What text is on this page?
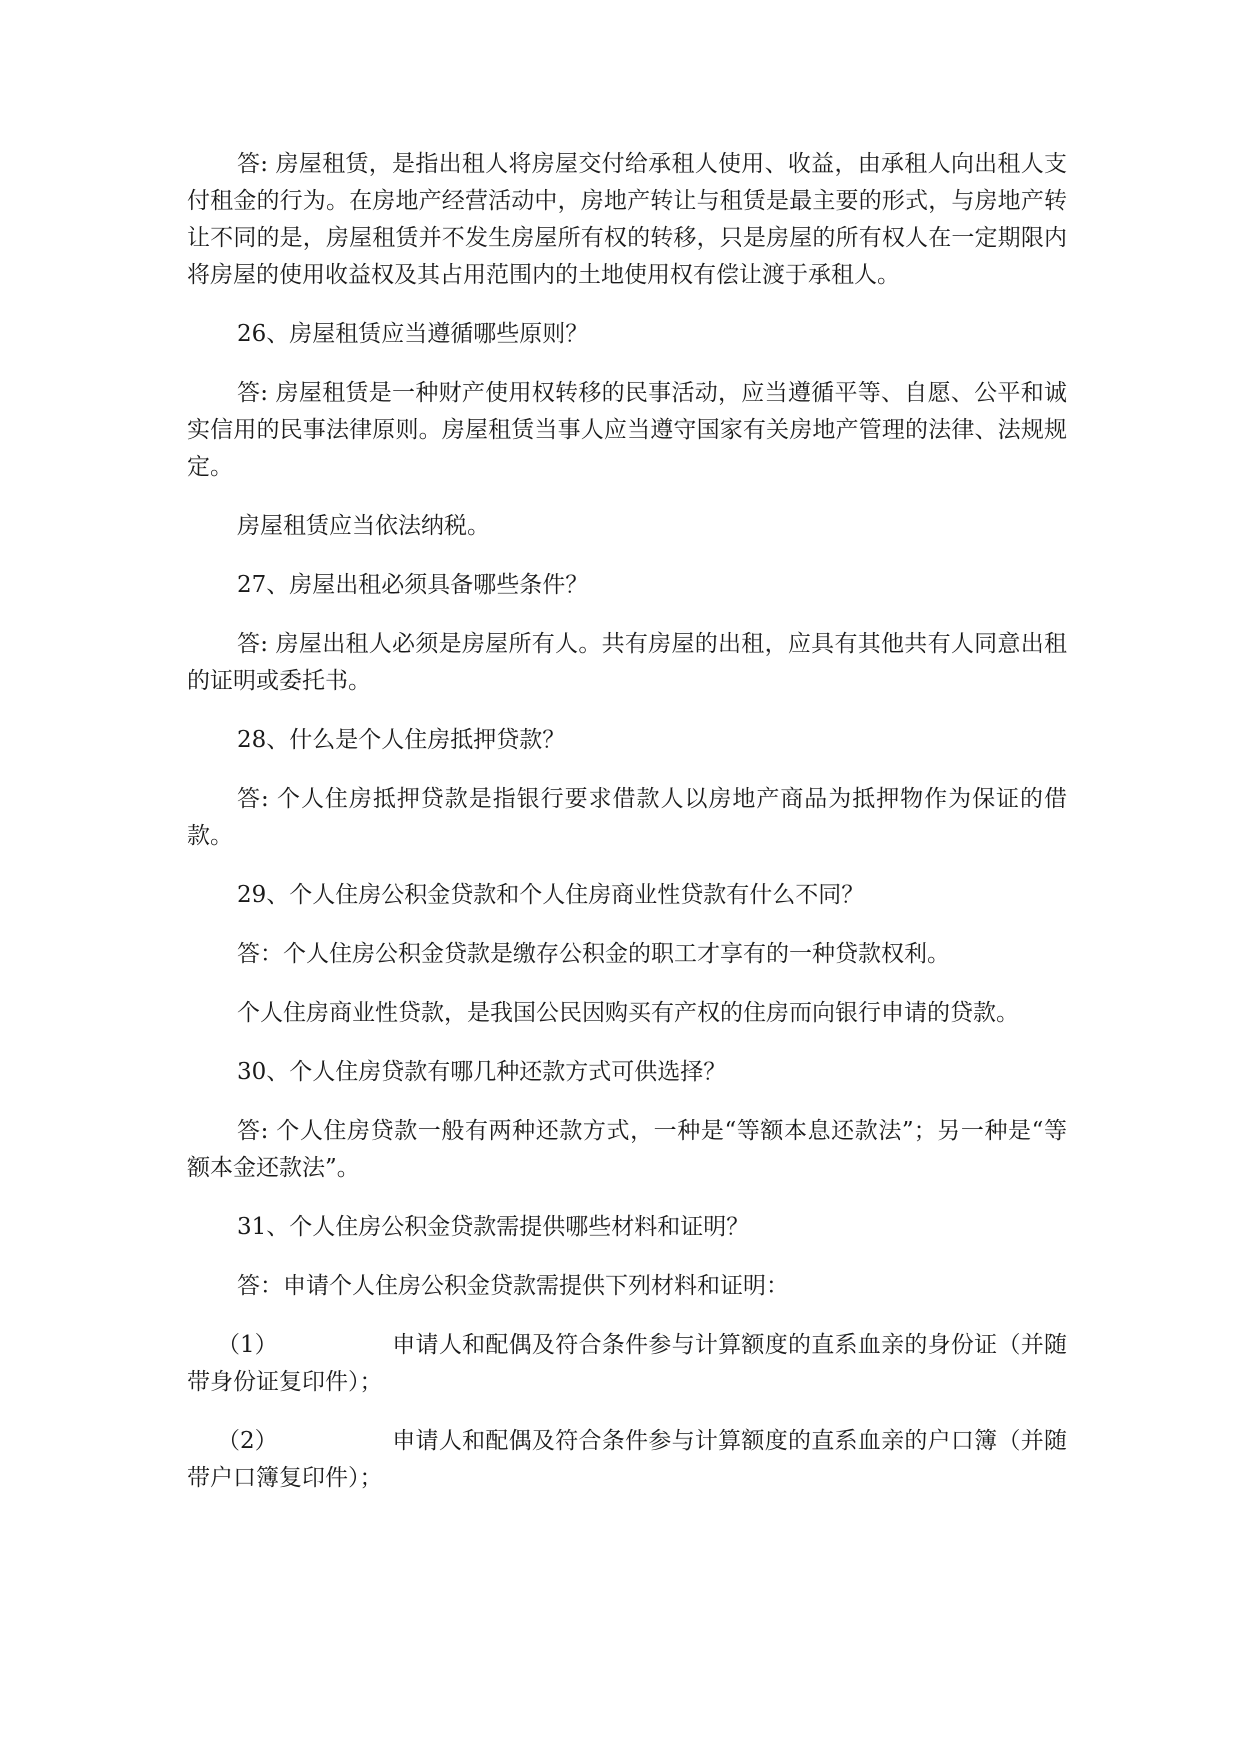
答: 房屋租赁，是指出租人将房屋交付给承租人使用、收益，由承租人向出租人支付租金的行为。在房地产经营活动中，房地产转让与租赁是最主要的形式，与房地产转让不同的是，房屋租赁并不发生房屋所有权的转移，只是房屋的所有权人在一定期限内将房屋的使用收益权及其占用范围内的土地使用权有偿让渡于承租人。

26、房屋租赁应当遵循哪些原则？

答: 房屋租赁是一种财产使用权转移的民事活动，应当遵循平等、自愿、公平和诚实信用的民事法律原则。房屋租赁当事人应当遵守国家有关房地产管理的法律、法规规定。

房屋租赁应当依法纳税。

27、房屋出租必须具备哪些条件？

答: 房屋出租人必须是房屋所有人。共有房屋的出租，应具有其他共有人同意出租的证明或委托书。

28、什么是个人住房抵押贷款？

答: 个人住房抵押贷款是指银行要求借款人以房地产商品为抵押物作为保证的借款。

29、个人住房公积金贷款和个人住房商业性贷款有什么不同？

答：个人住房公积金贷款是缴存公积金的职工才享有的一种贷款权利。

个人住房商业性贷款，是我国公民因购买有产权的住房而向银行申请的贷款。

30、个人住房贷款有哪几种还款方式可供选择？

答: 个人住房贷款一般有两种还款方式，一种是“等额本息还款法”；另一种是“等额本金还款法”。

31、个人住房公积金贷款需提供哪些材料和证明？

答：申请个人住房公积金贷款需提供下列材料和证明：

（1）	申请人和配偶及符合条件参与计算额度的直系血亲的身份证（并随带身份证复印件）；

（2）	申请人和配偶及符合条件参与计算额度的直系血亲的户口簿（并随带户口簿复印件）；
